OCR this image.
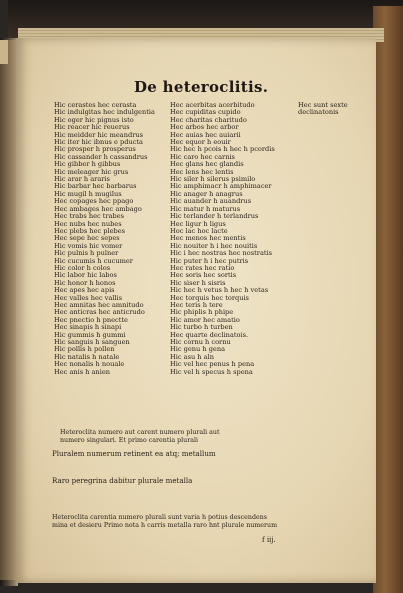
De heteroclitis.
Hic cerastes hec cerasta
Hic indulgitas hec indulgentia
Hic oger hic pignus isto
Hic reacer hic reuerus
Hic meidder hic meandrus
Hic iter hic ibnus e pducta
Hic prosper h prosperus
Hic cassander h cassandrus
Hic gibber h gibbus
Hic meleager hic grus
Hic arar h araris
Hic barbar hec barbarus
Hic mugil h mugilus
Hec copages hec ppago
Hec ambages hec ambago
Hec trabs hec trabes
Hec nubs hec nubes
Hec plebs hec plebes
Hec sepe hec sepes
Hic vomis hic vomer
Hic pulnis h pulner
Hic cucumis h cucumer
Hic color h colos
Hic labor hic labos
Hic honor h honos
Hec apes hec apis
Hec valles hec vallis
Hec amnitas hec amnitudo
Hec anticras hec anticrudo
Hec pnectio h pnectte
Hec sinapis h sinapi
Hic gummis h gummi
Hic sanguis h sanguen
Hic pollis h pollen
Hic natalis h natale
Hec nonalis h nouale
Hec anis h anien
Hec acerbitas acerbitudo
Hec cupiditas cupido
Hec charitas charitudo
Hec arbos hec arbor
Hec auias hec auiarii
Hec equor h eouir
Hic hec h pcois h hec h pcordis
Hic caro hec carnis
Hec glans hec glandis
Hec lens hec lentis
Hic siler h silerus psimilo
Hic amphimacr h amphimacer
Hic anager h anagrus
Hic auander h auandrus
Hic matur h maturus
Hic terlander h terlandrus
Hec ligur h ligus
Hoc lac hoc lacte
Hec menos hec mentis
Hic nouiter h i hec nouitis
Hic i hec nostras hec nostratis
Hic puter h i hec putris
Hec rates hec ratio
Hec soris hec sortis
Hic siser h sisris
Hic hec h vetus h hec h vetas
Hec torquis hec torquis
Hec teris h tere
Hic phiplis h phipe
Hic amor hec amatio
Hic turbo h turben
Hec quarte declinatois.
Hic cornu h cornu
Hic genu h gena
Hic asu h aln
Hic vel hec penus h pena
Hic vel h specus h spena
Hec sunt sexte
declinatonis
Heteroclita numero aut carent numero plurali aut
numero singulari. Et primo carentia plurali
Pluralem numerum retinent ea atq; metallum
Raro peregrina dabitur plurale metalla
Heteroclita carentia numero plurali sunt varia h potius descendens
mina et desieru Primo nota h carris metalla raro hnt plurale numerum
f iij.
